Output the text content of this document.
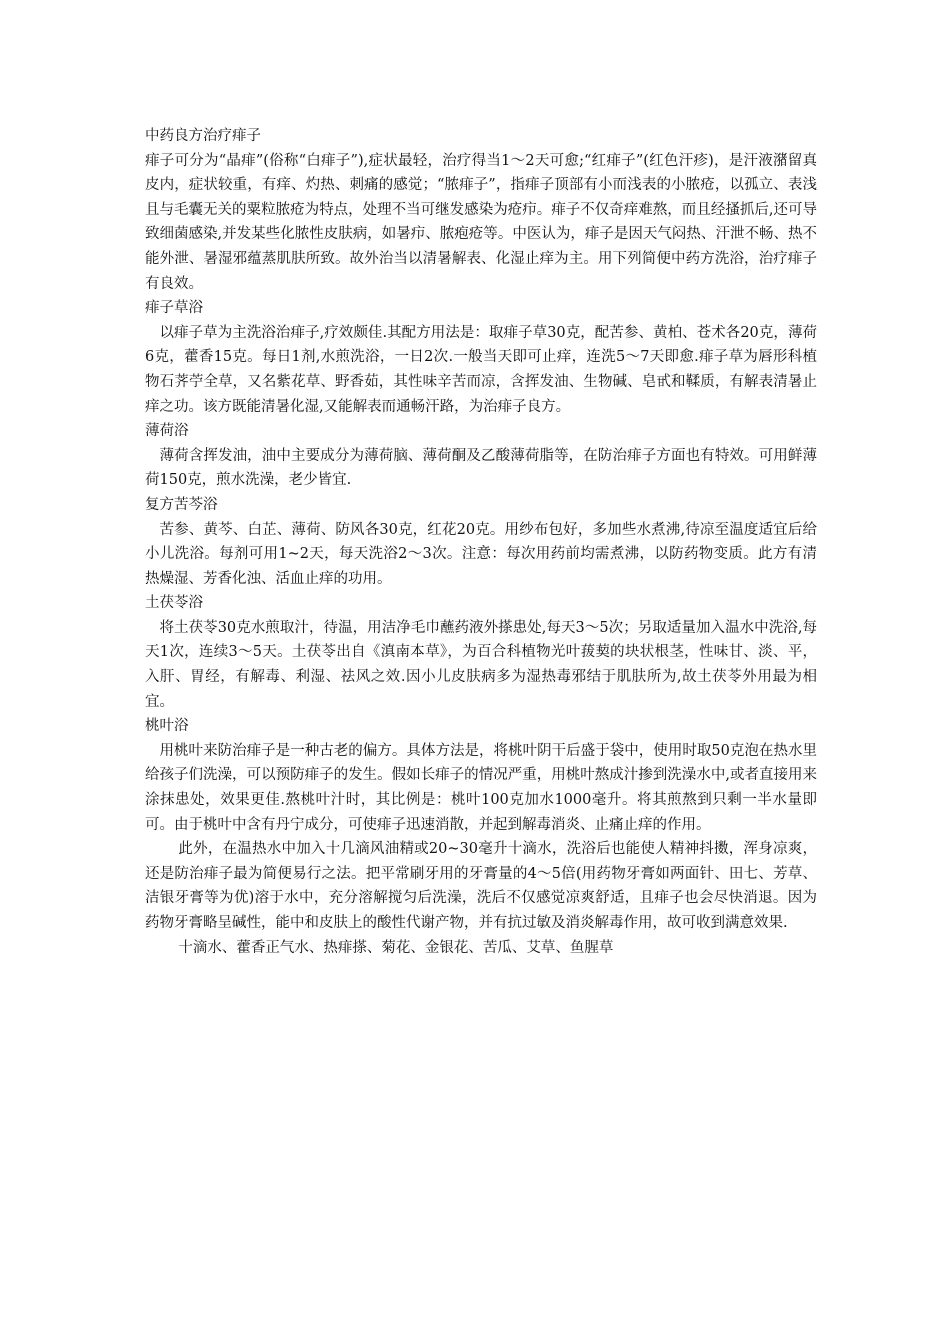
中药良方治疗痱子

痱子可分为“晶痱”(俗称“白痱子”),症状最轻，治疗得当1～2天可愈;“红痱子”(红色汗疹)，是汗液潴留真皮内，症状较重，有痒、灼热、刺痛的感觉；“脓痱子”，指痱子顶部有小而浅表的小脓疮，以孤立、表浅且与毛囊无关的粟粒脓疮为特点，处理不当可继发感染为疮疖。痱子不仅奇痒难熬，而且经搔抓后,还可导致细菌感染,并发某些化脓性皮肤病，如暑疖、脓疱疮等。中医认为，痱子是因天气闷热、汗泄不畅、热不能外泄、暑湿邪蕴蒸肌肤所致。故外治当以清暑解表、化湿止痒为主。用下列简便中药方洗浴，治疗痱子有良效。

痱子草浴

以痱子草为主洗浴治痱子,疗效颇佳.其配方用法是：取痱子草30克，配苦参、黄柏、苍术各20克，薄荷6克，藿香15克。每日1剂,水煎洗浴，一日2次.一般当天即可止痒，连洗5～7天即愈.痱子草为唇形科植物石荠苧全草，又名紫花草、野香茹，其性味辛苦而凉，含挥发油、生物碱、皂甙和鞣质，有解表清暑止痒之功。该方既能清暑化湿,又能解表而通畅汗路，为治痱子良方。

薄荷浴

薄荷含挥发油，油中主要成分为薄荷脑、薄荷酮及乙酸薄荷脂等，在防治痱子方面也有特效。可用鲜薄荷150克，煎水洗澡，老少皆宜.

复方苦芩浴

苦参、黄芩、白芷、薄荷、防风各30克，红花20克。用纱布包好，多加些水煮沸,待凉至温度适宜后给小儿洗浴。每剂可用1~2天，每天洗浴2～3次。注意：每次用药前均需煮沸，以防药物变质。此方有清热燥湿、芳香化浊、活血止痒的功用。

土茯苓浴

将土茯苓30克水煎取汁，待温，用洁净毛巾蘸药液外搽患处,每天3～5次；另取适量加入温水中洗浴,每天1次，连续3～5天。土茯苓出自《滇南本草》，为百合科植物光叶菝葜的块状根茎，性味甘、淡、平，入肝、胃经，有解毒、利湿、祛风之效.因小儿皮肤病多为湿热毒邪结于肌肤所为,故土茯苓外用最为相宜。

桃叶浴

用桃叶来防治痱子是一种古老的偏方。具体方法是，将桃叶阴干后盛于袋中，使用时取50克泡在热水里给孩子们洗澡，可以预防痱子的发生。假如长痱子的情况严重，用桃叶熬成汁掺到洗澡水中,或者直接用来涂抹患处，效果更佳.熬桃叶汁时，其比例是：桃叶100克加水1000毫升。将其煎熬到只剩一半水量即可。由于桃叶中含有丹宁成分，可使痱子迅速消散，并起到解毒消炎、止痛止痒的作用。

此外，在温热水中加入十几滴风油精或20~30毫升十滴水，洗浴后也能使人精神抖擞，浑身凉爽，还是防治痱子最为简便易行之法。把平常刷牙用的牙膏量的4～5倍(用药物牙膏如两面针、田七、芳草、洁银牙膏等为优)溶于水中，充分溶解搅匀后洗澡，洗后不仅感觉凉爽舒适，且痱子也会尽快消退。因为药物牙膏略呈碱性，能中和皮肤上的酸性代谢产物，并有抗过敏及消炎解毒作用，故可收到满意效果.

十滴水、藿香正气水、热痱搽、菊花、金银花、苦瓜、艾草、鱼腥草
